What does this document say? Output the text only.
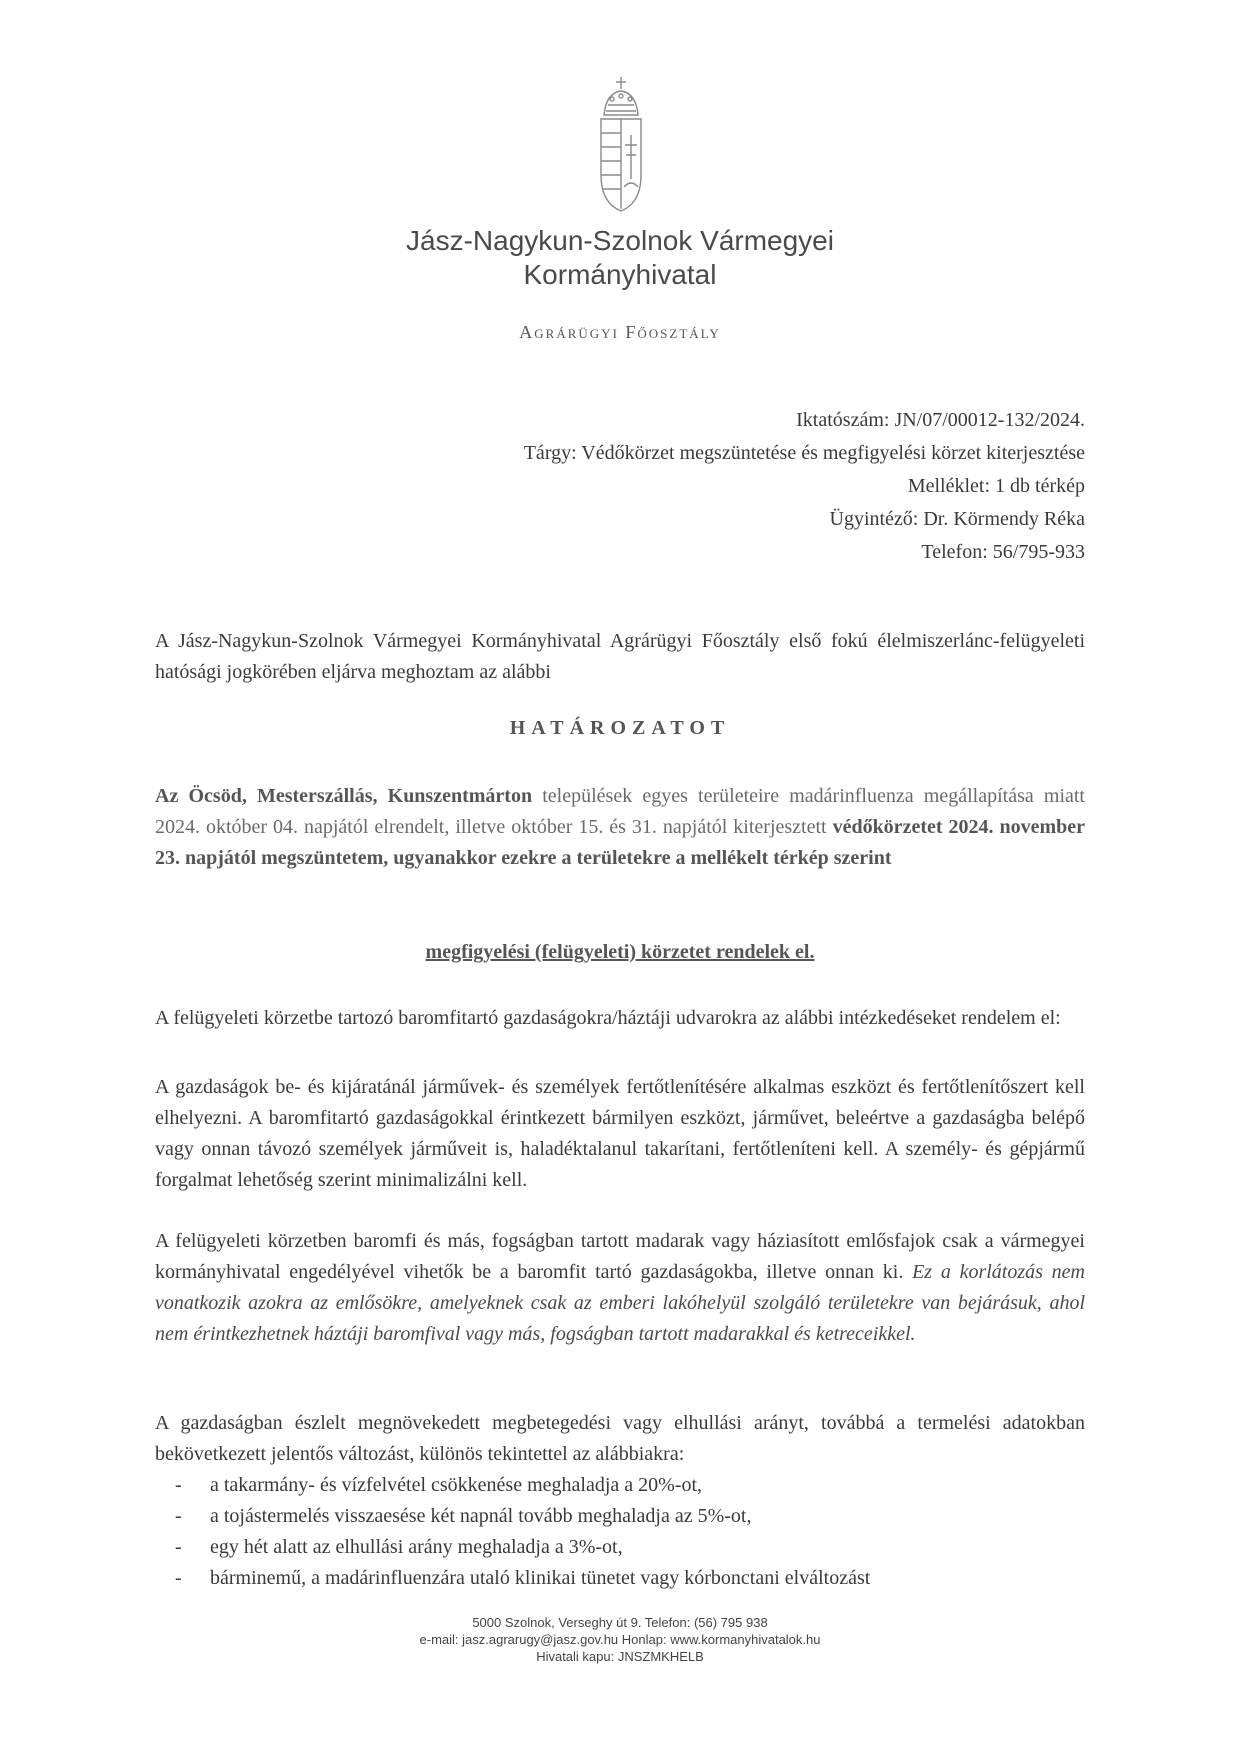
Jász-Nagykun-Szolnok Vármegyei
Kormányhivatal
Agrárügyi Főosztály
Iktatószám: JN/07/00012-132/2024.
Tárgy: Védőkörzet megszüntetése és megfigyelési körzet kiterjesztése
Melléklet: 1 db térkép
Ügyintéző: Dr. Körmendy Réka
Telefon: 56/795-933

A Jász-Nagykun-Szolnok Vármegyei Kormányhivatal Agrárügyi Főosztály első fokú élelmiszerlánc-felügyeleti hatósági jogkörében eljárva meghoztam az alábbi

HATÁROZATOT

Az Öcsöd, Mesterszállás, Kunszentmárton települések egyes területeire madárinfluenza megállapítása miatt 2024. október 04. napjától elrendelt, illetve október 15. és 31. napjától kiterjesztett védőkörzetet 2024. november 23. napjától megszüntetem, ugyanakkor ezekre a területekre a mellékelt térkép szerint

megfigyelési (felügyeleti) körzetet rendelek el.

A felügyeleti körzetbe tartozó baromfitartó gazdaságokra/háztáji udvarokra az alábbi intézkedéseket rendelem el:

A gazdaságok be- és kijáratánál járművek- és személyek fertőtlenítésére alkalmas eszközt és fertőtlenítőszert kell elhelyezni. A baromfitartó gazdaságokkal érintkezett bármilyen eszközt, járművet, beleértve a gazdaságba belépő vagy onnan távozó személyek járműveit is, haladéktalanul takarítani, fertőtleníteni kell. A személy- és gépjármű forgalmat lehetőség szerint minimalizálni kell.

A felügyeleti körzetben baromfi és más, fogságban tartott madarak vagy háziasított emlősfajok csak a vármegyei kormányhivatal engedélyével vihetők be a baromfit tartó gazdaságokba, illetve onnan ki. Ez a korlátozás nem vonatkozik azokra az emlősökre, amelyeknek csak az emberi lakóhelyül szolgáló területekre van bejárásuk, ahol nem érintkezhetnek háztáji baromfival vagy más, fogságban tartott madarakkal és ketreceikkel.

A gazdaságban észlelt megnövekedett megbetegedési vagy elhullási arányt, továbbá a termelési adatokban bekövetkezett jelentős változást, különös tekintettel az alábbiakra:

- a takarmány- és vízfelvétel csökkenése meghaladja a 20%-ot,
- a tojástermelés visszaesése két napnál tovább meghaladja az 5%-ot,
- egy hét alatt az elhullási arány meghaladja a 3%-ot,
- bárminemű, a madárinfluenzára utaló klinikai tünetet vagy kórbonctani elváltozást
5000 Szolnok, Verseghy út 9. Telefon: (56) 795 938
e-mail: jasz.agrarugy@jasz.gov.hu Honlap: www.kormanyhivatalok.hu
Hivatali kapu: JNSZMKHELB
